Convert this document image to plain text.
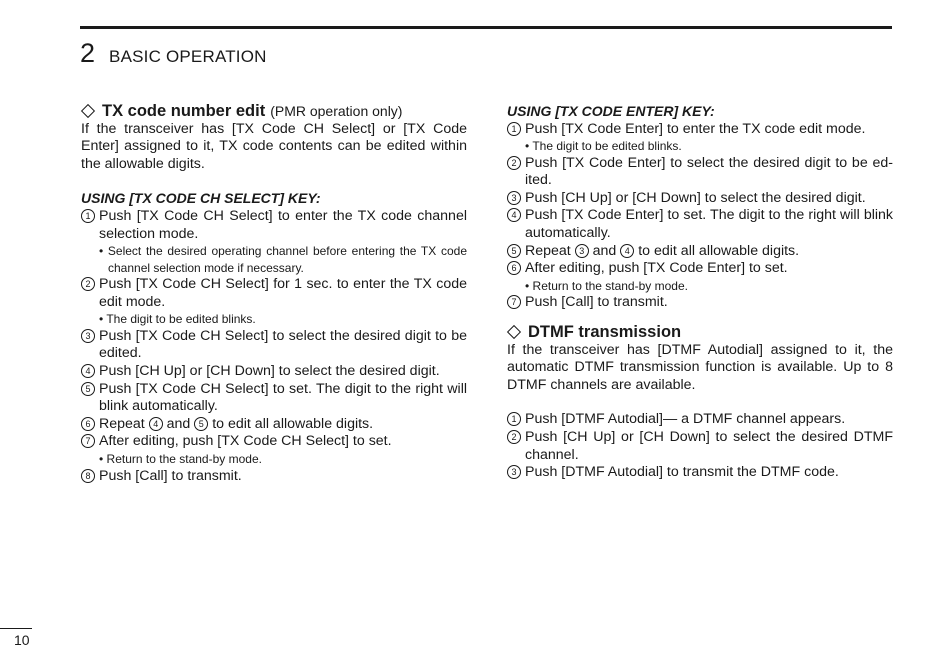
2 BASIC OPERATION
TX code number edit (PMR operation only)

If the transceiver has [TX Code CH Select] or [TX Code Enter] assigned to it, TX code contents can be edited within the allowable digits.

USING [TX CODE CH SELECT] KEY:

1 Push [TX Code CH Select] to enter the TX code channel selection mode.

• Select the desired operating channel before entering the TX code channel selection mode if necessary.

2 Push [TX Code CH Select] for 1 sec. to enter the TX code edit mode.

• The digit to be edited blinks.

3 Push [TX Code CH Select] to select the desired digit to be edited.
4 Push [CH Up] or [CH Down] to select the desired digit.
5 Push [TX Code CH Select] to set. The digit to the right will blink automatically.
6 Repeat 4 and 5 to edit all allowable digits.
7 After editing, push [TX Code CH Select] to set.

• Return to the stand-by mode.

8 Push [Call] to transmit.

USING [TX CODE ENTER] KEY:

1 Push [TX Code Enter] to enter the TX code edit mode.

• The digit to be edited blinks.

2 Push [TX Code Enter] to select the desired digit to be ed-ited.
3 Push [CH Up] or [CH Down] to select the desired digit.
4 Push [TX Code Enter] to set. The digit to the right will blink automatically.
5 Repeat 3 and 4 to edit all allowable digits.
6 After editing, push [TX Code Enter] to set.

• Return to the stand-by mode.

7 Push [Call] to transmit.
DTMF transmission

If the transceiver has [DTMF Autodial] assigned to it, the automatic DTMF transmission function is available. Up to 8 DTMF channels are available.

1 Push [DTMF Autodial]— a DTMF channel appears.
2 Push [CH Up] or [CH Down] to select the desired DTMF channel.
3 Push [DTMF Autodial] to transmit the DTMF code.
10
